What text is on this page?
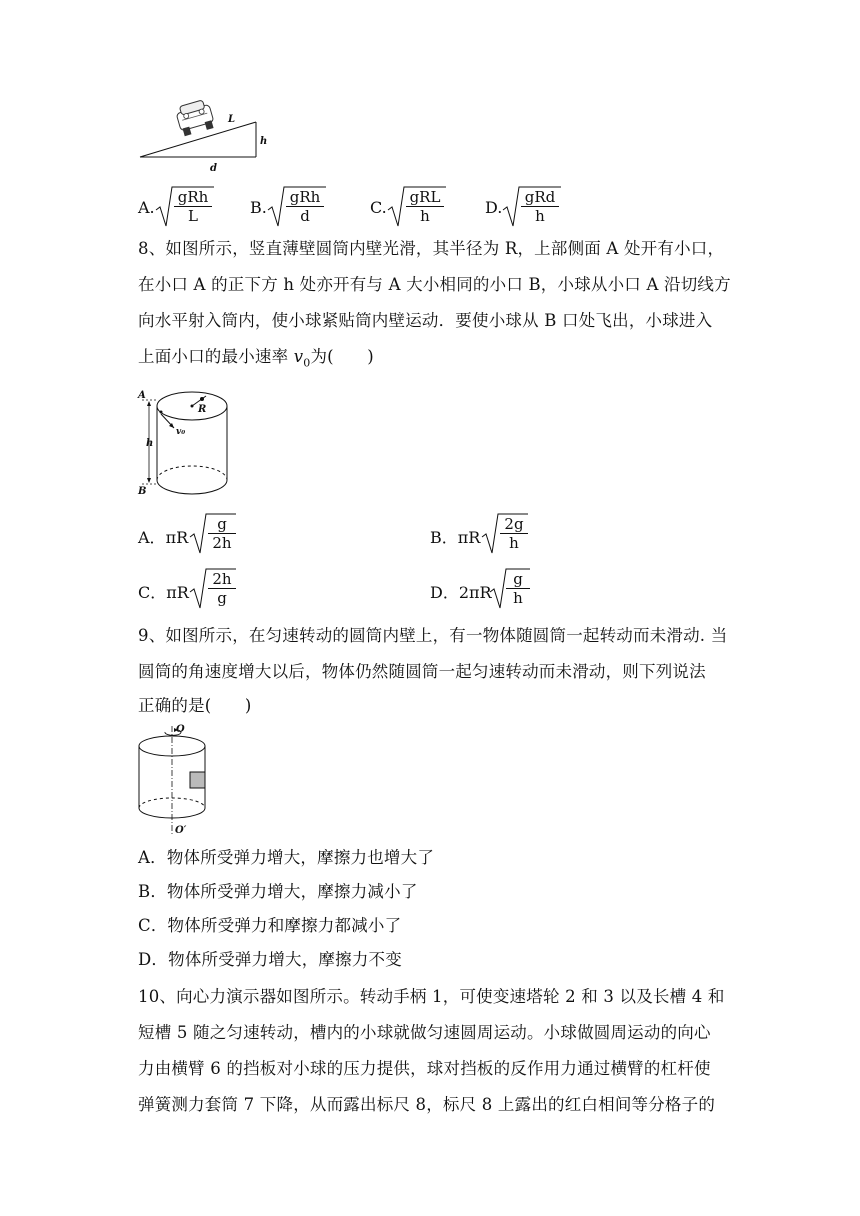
L
h
d
A.
gRh
L	B.
gRh
d	C.
gRL
h	D.
gRd
h
8、如图所示，竖直薄壁圆筒内壁光滑，其半径为 R，上部侧面 A 处开有小口，
在小口 A 的正下方 h 处亦开有与 A 大小相同的小口 B，小球从小口 A 沿切线方
向水平射入筒内，使小球紧贴筒内壁运动．要使小球从 B 口处飞出，小球进入
上面小口的最小速率 $v_0$为(　　)
R
v₀
A
h
B
A．πR $\frac{g}{2h}$	B．πR $\frac{2g}{h}$
C．πR $\frac{2h}{g}$	D．$2\pi R \frac{g}{h}$
9、如图所示，在匀速转动的圆筒内壁上，有一物体随圆筒一起转动而未滑动. 当
圆筒的角速度增大以后，物体仍然随圆筒一起匀速转动而未滑动，则下列说法
正确的是(　　)
O
O′
A．物体所受弹力增大，摩擦力也增大了
B．物体所受弹力增大，摩擦力减小了
C．物体所受弹力和摩擦力都减小了
D．物体所受弹力增大，摩擦力不变
10、向心力演示器如图所示。转动手柄 1，可使变速塔轮 2 和 3 以及长槽 4 和
短槽 5 随之匀速转动，槽内的小球就做匀速圆周运动。小球做圆周运动的向心
力由横臂 6 的挡板对小球的压力提供，球对挡板的反作用力通过横臂的杠杆使
弹簧测力套筒 7 下降，从而露出标尺 8，标尺 8 上露出的红白相间等分格子的
